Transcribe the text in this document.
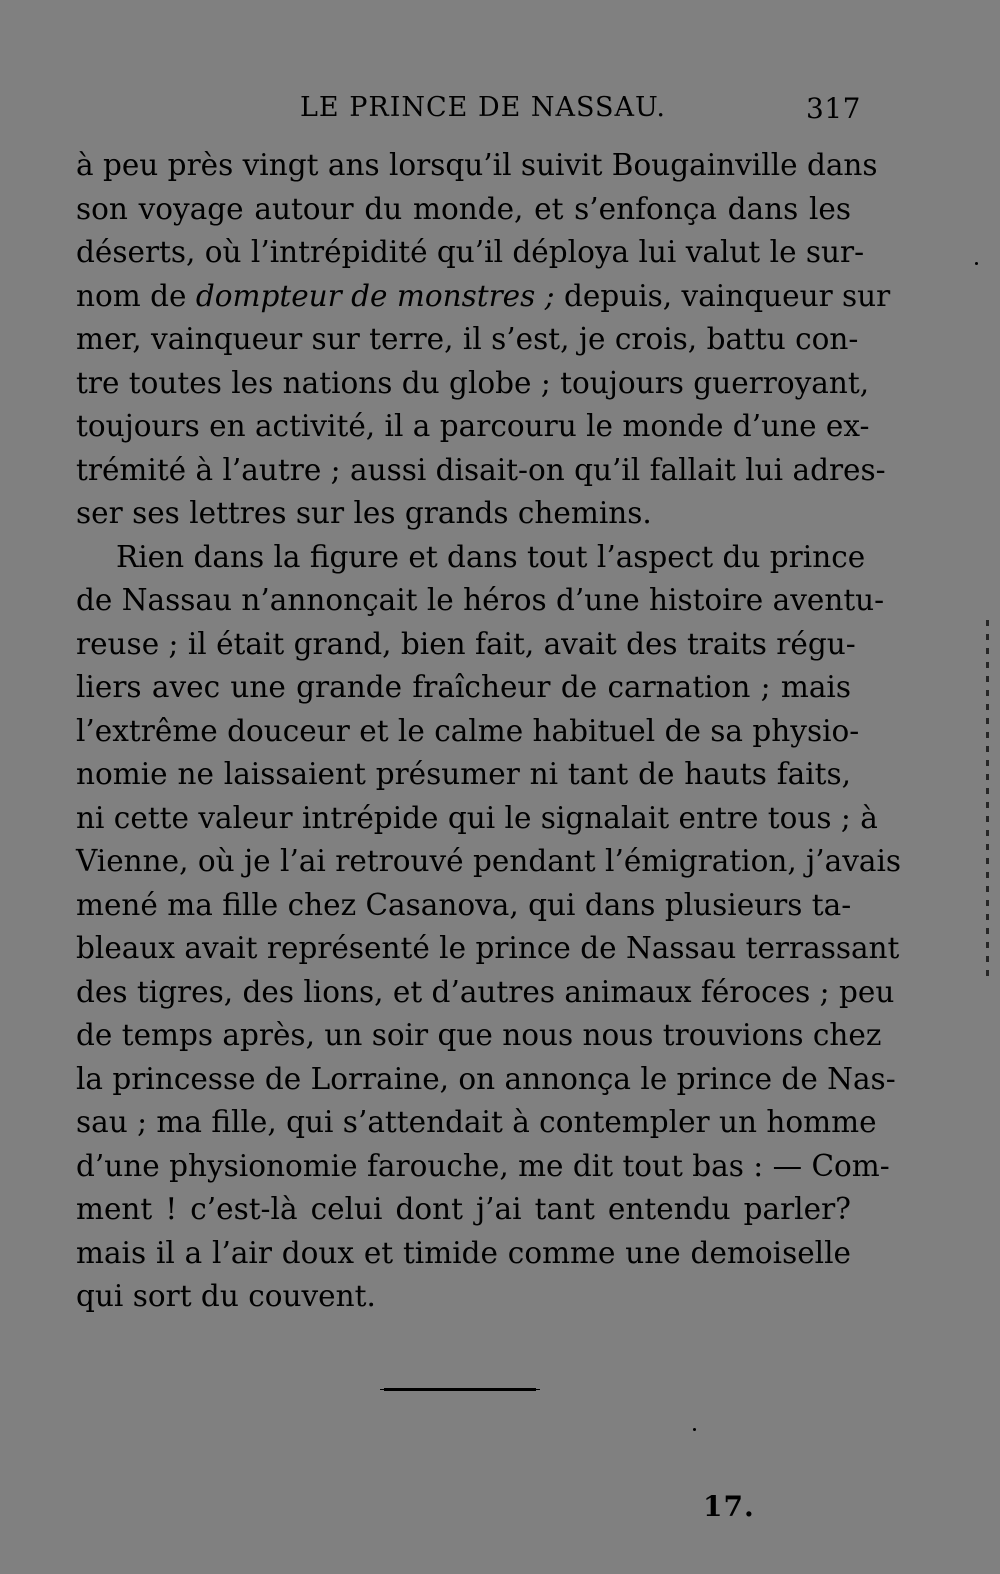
LE PRINCE DE NASSAU.	317
à peu près vingt ans lorsqu’il suivit Bougainville dans
son voyage autour du monde, et s’enfonça dans les
déserts, où l’intrépidité qu’il déploya lui valut le sur-
nom de dompteur de monstres ; depuis, vainqueur sur
mer, vainqueur sur terre, il s’est, je crois, battu con-
tre toutes les nations du globe ; toujours guerroyant,
toujours en activité, il a parcouru le monde d’une ex-
trémité à l’autre ; aussi disait-on qu’il fallait lui adres-
ser ses lettres sur les grands chemins.
Rien dans la figure et dans tout l’aspect du prince
de Nassau n’annonçait le héros d’une histoire aventu-
reuse ; il était grand, bien fait, avait des traits régu-
liers avec une grande fraîcheur de carnation ; mais
l’extrême douceur et le calme habituel de sa physio-
nomie ne laissaient présumer ni tant de hauts faits,
ni cette valeur intrépide qui le signalait entre tous ; à
Vienne, où je l’ai retrouvé pendant l’émigration, j’avais
mené ma fille chez Casanova, qui dans plusieurs ta-
bleaux avait représenté le prince de Nassau terrassant
des tigres, des lions, et d’autres animaux féroces ; peu
de temps après, un soir que nous nous trouvions chez
la princesse de Lorraine, on annonça le prince de Nas-
sau ; ma fille, qui s’attendait à contempler un homme
d’une physionomie farouche, me dit tout bas : — Com-
ment ! c’est-là celui dont j’ai tant entendu parler?
mais il a l’air doux et timide comme une demoiselle
qui sort du couvent.
17.
